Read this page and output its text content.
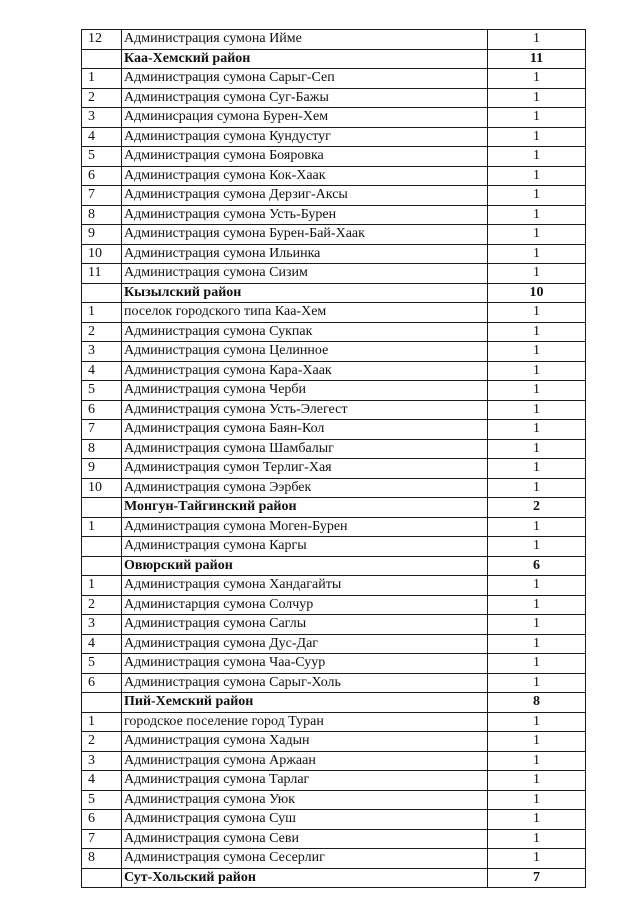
12	Администрация сумона Ийме	1
	Каа-Хемский район	11
1	Администрация сумона Сарыг-Сеп	1
2	Администрация сумона Суг-Бажы	1
3	Админисрация сумона Бурен-Хем	1
4	Администрация сумона Кундустуг	1
5	Администрация сумона Бояровка	1
6	Администрация сумона Кок-Хаак	1
7	Администрация сумона Дерзиг-Аксы	1
8	Администрация сумона Усть-Бурен	1
9	Администрация сумона Бурен-Бай-Хаак	1
10	Администрация сумона Ильинка	1
11	Администрация сумона Сизим	1
	Кызылский район	10
1	поселок городского типа Каа-Хем	1
2	Администрация сумона Сукпак	1
3	Администрация сумона Целинное	1
4	Администрация сумона Кара-Хаак	1
5	Администрация сумона Черби	1
6	Администрация сумона Усть-Элегест	1
7	Администрация сумона Баян-Кол	1
8	Администрация сумона Шамбалыг	1
9	Администрация сумон Терлиг-Хая	1
10	Администрация сумона Ээрбек	1
	Монгун-Тайгинский район	2
1	Администрация сумона Моген-Бурен	1
	Администрация сумона Каргы	1
	Овюрский район	6
1	Администрация сумона Хандагайты	1
2	Администарция сумона Солчур	1
3	Администрация сумона Саглы	1
4	Администрация сумона Дус-Даг	1
5	Администрация сумона Чаа-Суур	1
6	Администрация сумона Сарыг-Холь	1
	Пий-Хемский район	8
1	городское поселение город Туран	1
2	Администрация сумона Хадын	1
3	Администрация сумона Аржаан	1
4	Администрация сумона Тарлаг	1
5	Администрация сумона Уюк	1
6	Администрация сумона Суш	1
7	Администрация сумона Севи	1
8	Администрация сумона Сесерлиг	1
	Сут-Хольский район	7
